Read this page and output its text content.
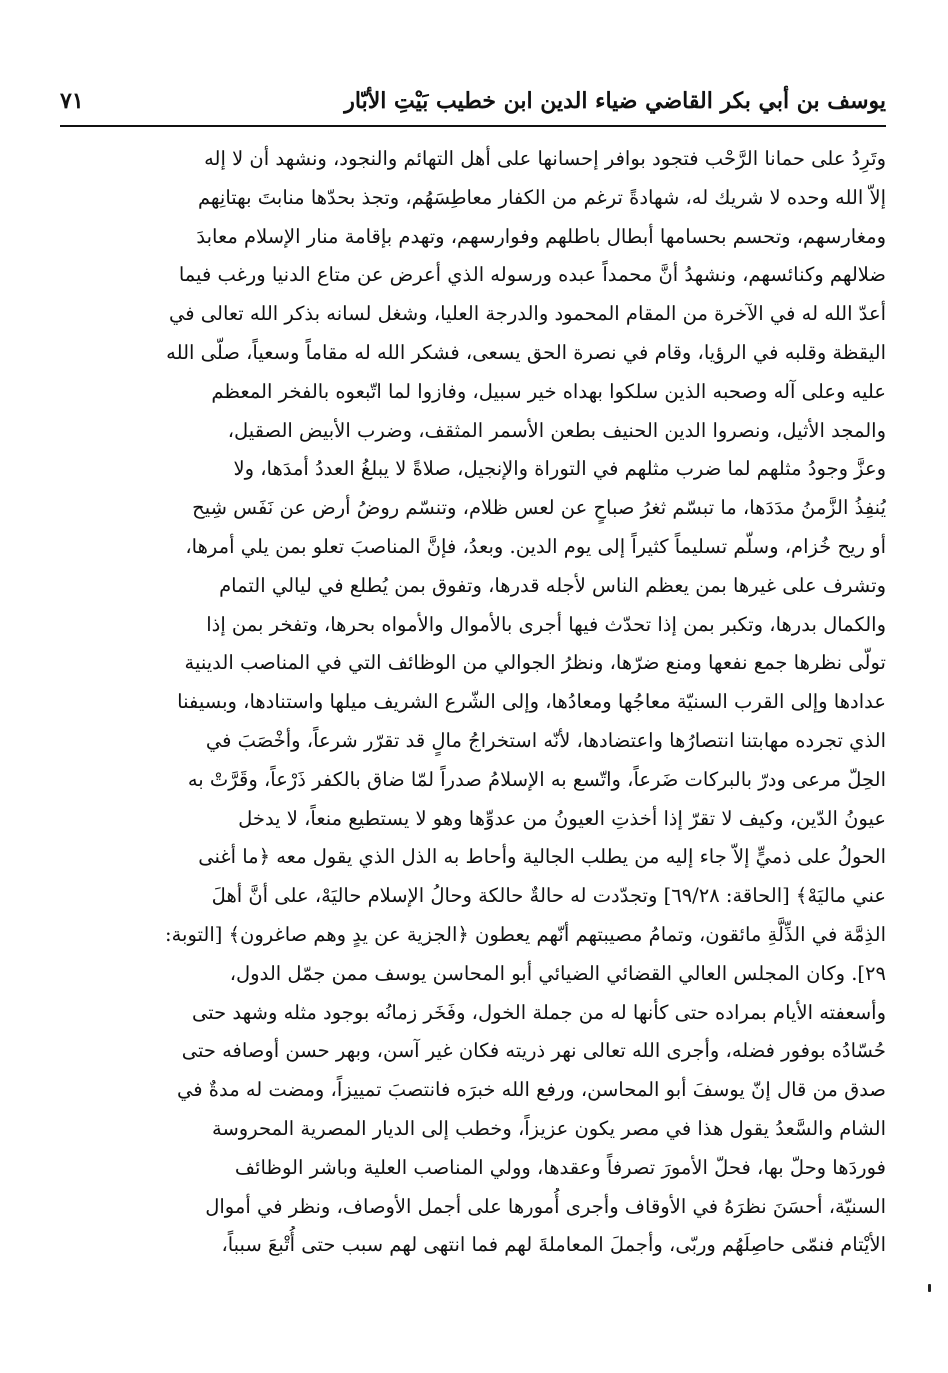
يوسف بن أبي بكر القاضي ضياء الدين ابن خطيب بَيْتِ الأبّار
٧١
وتَرِدُ على حمانا الرَّحْب فتجود بوافر إحسانها على أهل التهائم والنجود، ونشهد أن لا إله
إلاّ الله وحده لا شريك له، شهادةً ترغم من الكفار معاطِسَهُم، وتجذ بحدّها منابتَ بهتانِهم
ومغارسهم، وتحسم بحسامها أبطال باطلهم وفوارسهم، وتهدم بإقامة منار الإسلام معابدَ
ضلالهم وكنائسهم، ونشهدُ أنَّ محمداً عبده ورسوله الذي أعرض عن متاع الدنيا ورغب فيما
أعدّ الله له في الآخرة من المقام المحمود والدرجة العليا، وشغل لسانه بذكر الله تعالى في
اليقظة وقلبه في الرؤيا، وقام في نصرة الحق يسعى، فشكر الله له مقاماً وسعياً، صلّى الله
عليه وعلى آله وصحبه الذين سلكوا بهداه خير سبيل، وفازوا لما اتّبعوه بالفخر المعظم
والمجد الأثيل، ونصروا الدين الحنيف بطعن الأسمر المثقف، وضرب الأبيض الصقيل،
وعزَّ وجودُ مثلهم لما ضرب مثلهم في التوراة والإنجيل، صلاةً لا يبلغُ العددُ أمدَها، ولا
يُنفِذُ الزَّمنُ مدَدَها، ما تبسّم ثغرُ صباحٍ عن لعس ظلام، وتنسّم روضُ أرض عن نَفَس شِيح
أو ريح خُزام، وسلّم تسليماً كثيراً إلى يوم الدين. وبعدُ، فإنَّ المناصبَ تعلو بمن يلي أمرها،
وتشرف على غيرها بمن يعظم الناس لأجله قدرها، وتفوق بمن يُطلع في ليالي التمام
والكمال بدرها، وتكبر بمن إذا تحدّث فيها أجرى بالأموال والأمواه بحرها، وتفخر بمن إذا
تولّى نظرها جمع نفعها ومنع ضرّها، ونظرُ الجوالي من الوظائف التي في المناصب الدينية
عدادها وإلى القرب السنيّة معاجُها ومعادُها، وإلى الشّرع الشريف ميلها واستنادها، وبسيفنا
الذي تجرده مهابتنا انتصارُها واعتضادها، لأنّه استخراجُ مالٍ قد تقرّر شرعاً، وأخْصَبَ في
الحِلّ مرعى ودرّ بالبركات ضَرعاً، واتّسع به الإسلامُ صدراً لمّا ضاق بالكفر ذَرْعاً، وقَرَّتْ به
عيونُ الدّين، وكيف لا تقرّ إذا أخذتِ العيونُ من عدوِّها وهو لا يستطيع منعاً، لا يدخل
الحولُ على ذميٍّ إلاّ جاء إليه من يطلب الجالية وأحاط به الذل الذي يقول معه ﴿ما أغنى
عني ماليَهْ﴾ [الحاقة: ٦٩/٢٨] وتجدّدت له حالةٌ حالكة وحالُ الإسلام حاليَهْ، على أنَّ أهلَ
الذِمَّة في الذِّلَّةِ مائقون، وتمامُ مصيبتهم أنّهم يعطون ﴿الجزية عن يدٍ وهم صاغرون﴾ [التوبة:
٢٩]. وكان المجلس العالي القضائي الضيائي أبو المحاسن يوسف ممن جمّل الدول،
وأسعفته الأيام بمراده حتى كأنها له من جملة الخول، وفَخَر زمانُه بوجود مثله وشهد حتى
حُسّادُه بوفور فضله، وأجرى الله تعالى نهر ذريته فكان غير آسن، وبهر حسن أوصافه حتى
صدق من قال إنّ يوسفَ أبو المحاسن، ورفع الله خبرَه فانتصبَ تمييزاً، ومضت له مدةٌ في
الشام والسَّعدُ يقول هذا في مصر يكون عزيزاً، وخطب إلى الديار المصرية المحروسة
فوردَها وحلّ بها، فحلّ الأمورَ تصرفاً وعقدها، وولي المناصب العلية وباشر الوظائف
السنيّة، أحسَنَ نظرَهُ في الأوقاف وأجرى أُمورها على أجمل الأوصاف، ونظر في أموال
الأيْتام فنمّى حاصِلَهُم وربّى، وأجملَ المعاملةَ لهم فما انتهى لهم سبب حتى أُتْبعَ سبباً،
